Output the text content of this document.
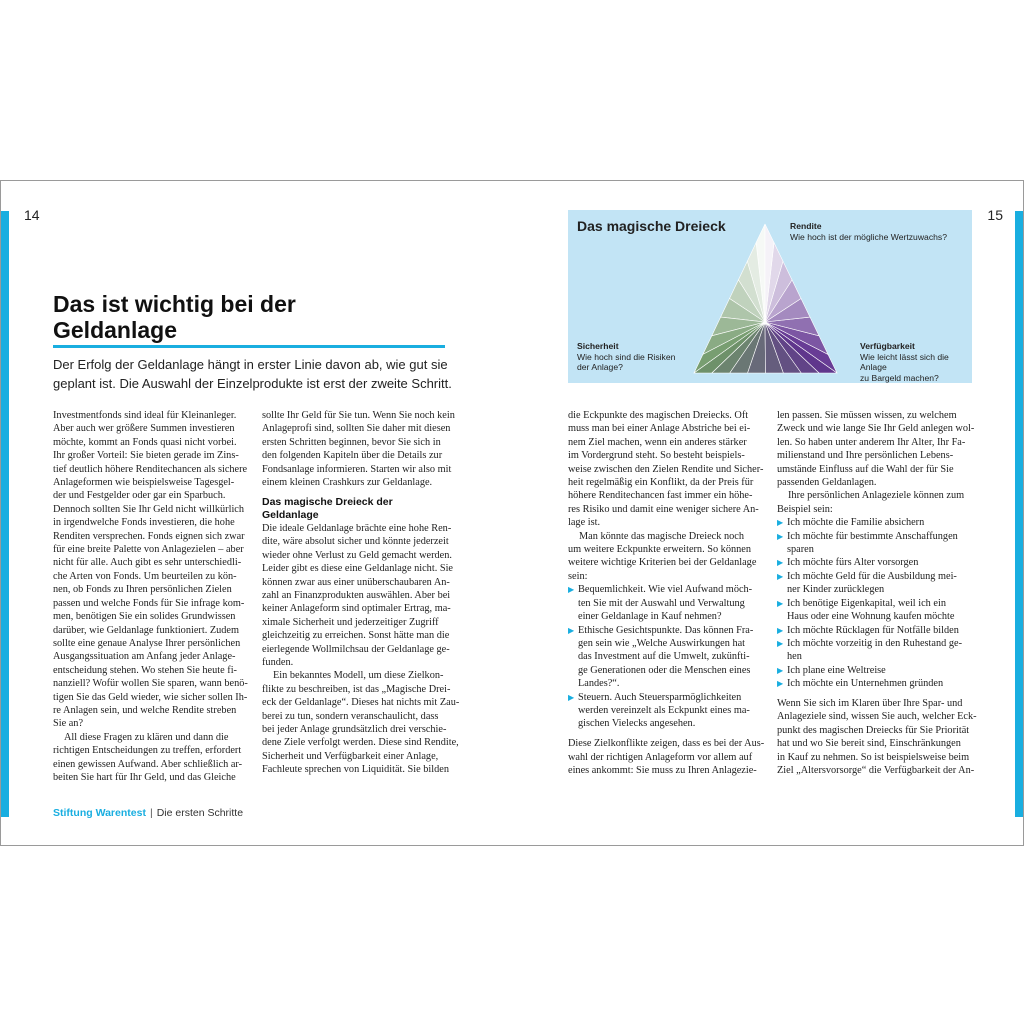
14
Das ist wichtig bei der
Geldanlage

Der Erfolg der Geldanlage hängt in erster Linie davon ab, wie gut sie
geplant ist. Die Auswahl der Einzelprodukte ist erst der zweite Schritt.

Investmentfonds sind ideal für Kleinanleger.
Aber auch wer größere Summen investieren
möchte, kommt an Fonds quasi nicht vorbei.
Ihr großer Vorteil: Sie bieten gerade im Zins-
tief deutlich höhere Renditechancen als sichere
Anlageformen wie beispielsweise Tagesgel-
der und Festgelder oder gar ein Sparbuch.
Dennoch sollten Sie Ihr Geld nicht willkürlich
in irgendwelche Fonds investieren, die hohe
Renditen versprechen. Fonds eignen sich zwar
für eine breite Palette von Anlagezielen – aber
nicht für alle. Auch gibt es sehr unterschiedli-
che Arten von Fonds. Um beurteilen zu kön-
nen, ob Fonds zu Ihren persönlichen Zielen
passen und welche Fonds für Sie infrage kom-
men, benötigen Sie ein solides Grundwissen
darüber, wie Geldanlage funktioniert. Zudem
sollte eine genaue Analyse Ihrer persönlichen
Ausgangssituation am Anfang jeder Anlage-
entscheidung stehen. Wo stehen Sie heute fi-
nanziell? Wofür wollen Sie sparen, wann benö-
tigen Sie das Geld wieder, wie sicher sollen Ih-
re Anlagen sein, und welche Rendite streben
Sie an?
All diese Fragen zu klären und dann die
richtigen Entscheidungen zu treffen, erfordert
einen gewissen Aufwand. Aber schließlich ar-
beiten Sie hart für Ihr Geld, und das Gleiche
sollte Ihr Geld für Sie tun. Wenn Sie noch kein
Anlageprofi sind, sollten Sie daher mit diesen
ersten Schritten beginnen, bevor Sie sich in
den folgenden Kapiteln über die Details zur
Fondsanlage informieren. Starten wir also mit
einem kleinen Crashkurs zur Geldanlage.
Das magische Dreieck der
Geldanlage
Die ideale Geldanlage brächte eine hohe Ren-
dite, wäre absolut sicher und könnte jederzeit
wieder ohne Verlust zu Geld gemacht werden.
Leider gibt es diese eine Geldanlage nicht. Sie
können zwar aus einer unüberschaubaren An-
zahl an Finanzprodukten auswählen. Aber bei
keiner Anlageform sind optimaler Ertrag, ma-
ximale Sicherheit und jederzeitiger Zugriff
gleichzeitig zu erreichen. Sonst hätte man die
eierlegende Wollmilchsau der Geldanlage ge-
funden.
Ein bekanntes Modell, um diese Zielkon-
flikte zu beschreiben, ist das „Magische Drei-
eck der Geldanlage“. Dieses hat nichts mit Zau-
berei zu tun, sondern veranschaulicht, dass
bei jeder Anlage grundsätzlich drei verschie-
dene Ziele verfolgt werden. Diese sind Rendite,
Sicherheit und Verfügbarkeit einer Anlage,
Fachleute sprechen von Liquidität. Sie bilden
Stiftung Warentest | Die ersten Schritte
15
die Eckpunkte des magischen Dreiecks. Oft
muss man bei einer Anlage Abstriche bei ei-
nem Ziel machen, wenn ein anderes stärker
im Vordergrund steht. So besteht beispiels-
weise zwischen den Zielen Rendite und Sicher-
heit regelmäßig ein Konflikt, da der Preis für
höhere Renditechancen fast immer ein höhe-
res Risiko und damit eine weniger sichere An-
lage ist.
Man könnte das magische Dreieck noch
um weitere Eckpunkte erweitern. So können
weitere wichtige Kriterien bei der Geldanlage
sein:
▶ Bequemlichkeit. Wie viel Aufwand möch-
ten Sie mit der Auswahl und Verwaltung
einer Geldanlage in Kauf nehmen?
▶ Ethische Gesichtspunkte. Das können Fra-
gen sein wie „Welche Auswirkungen hat
das Investment auf die Umwelt, zukünfti-
ge Generationen oder die Menschen eines
Landes?“.
▶ Steuern. Auch Steuersparmöglichkeiten
werden vereinzelt als Eckpunkt eines ma-
gischen Vielecks angesehen.
Diese Zielkonflikte zeigen, dass es bei der Aus-
wahl der richtigen Anlageform vor allem auf
eines ankommt: Sie muss zu Ihren Anlagezie-
len passen. Sie müssen wissen, zu welchem
Zweck und wie lange Sie Ihr Geld anlegen wol-
len. So haben unter anderem Ihr Alter, Ihr Fa-
milienstand und Ihre persönlichen Lebens-
umstände Einfluss auf die Wahl der für Sie
passenden Geldanlagen.
Ihre persönlichen Anlageziele können zum
Beispiel sein:
▶ Ich möchte die Familie absichern
▶ Ich möchte für bestimmte Anschaffungen
sparen
▶ Ich möchte fürs Alter vorsorgen
▶ Ich möchte Geld für die Ausbildung mei-
ner Kinder zurücklegen
▶ Ich benötige Eigenkapital, weil ich ein
Haus oder eine Wohnung kaufen möchte
▶ Ich möchte Rücklagen für Notfälle bilden
▶ Ich möchte vorzeitig in den Ruhestand ge-
hen
▶ Ich plane eine Weltreise
▶ Ich möchte ein Unternehmen gründen
Wenn Sie sich im Klaren über Ihre Spar- und
Anlageziele sind, wissen Sie auch, welcher Eck-
punkt des magischen Dreiecks für Sie Priorität
hat und wo Sie bereit sind, Einschränkungen
in Kauf zu nehmen. So ist beispielsweise beim
Ziel „Altersvorsorge“ die Verfügbarkeit der An-
Das magische Dreieck	Rendite
Wie hoch ist der mögliche Wertzuwachs?
Sicherheit
Wie hoch sind die Risiken
der Anlage?
Verfügbarkeit
Wie leicht lässt sich die Anlage
zu Bargeld machen?
